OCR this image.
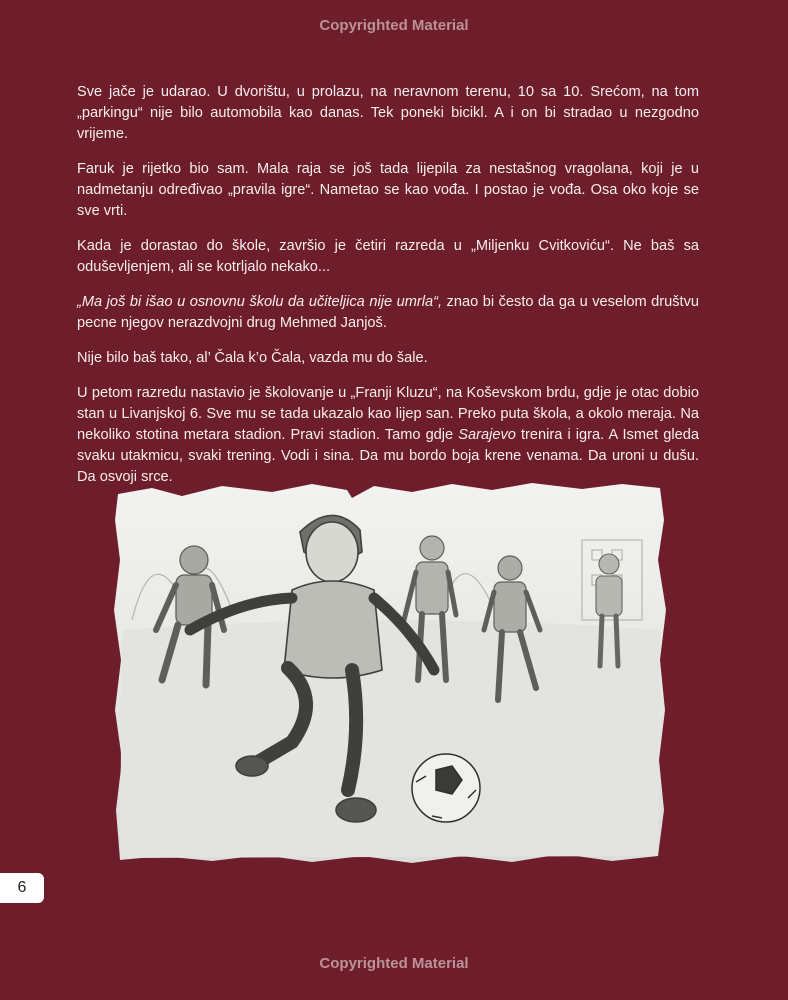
Copyrighted Material

Sve jače je udarao. U dvorištu, u prolazu, na neravnom terenu, 10 sa 10. Srećom, na tom „parkingu“ nije bilo automobila kao danas. Tek poneki bicikl. A i on bi stradao u nezgodno vrijeme.

Faruk je rijetko bio sam. Mala raja se još tada lijepila za nestašnog vragolana, koji je u nadmetanju određivao „pravila igre“. Nametao se kao vođa. I postao je vođa. Osa oko koje se sve vrti.

Kada je dorastao do škole, završio je četiri razreda u „Miljenku Cvitkoviću“. Ne baš sa oduševljenjem, ali se kotrljalo nekako...

„Ma još bi išao u osnovnu školu da učiteljica nije umrla“, znao bi često da ga u veselom društvu pecne njegov nerazdvojni drug Mehmed Janjoš.

Nije bilo baš tako, al’ Čala k’o Čala, vazda mu do šale.

U petom razredu nastavio je školovanje u „Franji Kluzu“, na Koševskom brdu, gdje je otac dobio stan u Livanjskoj 6. Sve mu se tada ukazalo kao lijep san. Preko puta škola, a okolo meraja. Na nekoliko stotina metara stadion. Pravi stadion. Tamo gdje Sarajevo trenira i igra. A Ismet gleda svaku utakmicu, svaki trening. Vodi i sina. Da mu bordo boja krene venama. Da uroni u dušu. Da osvoji srce.

6
Copyrighted Material
